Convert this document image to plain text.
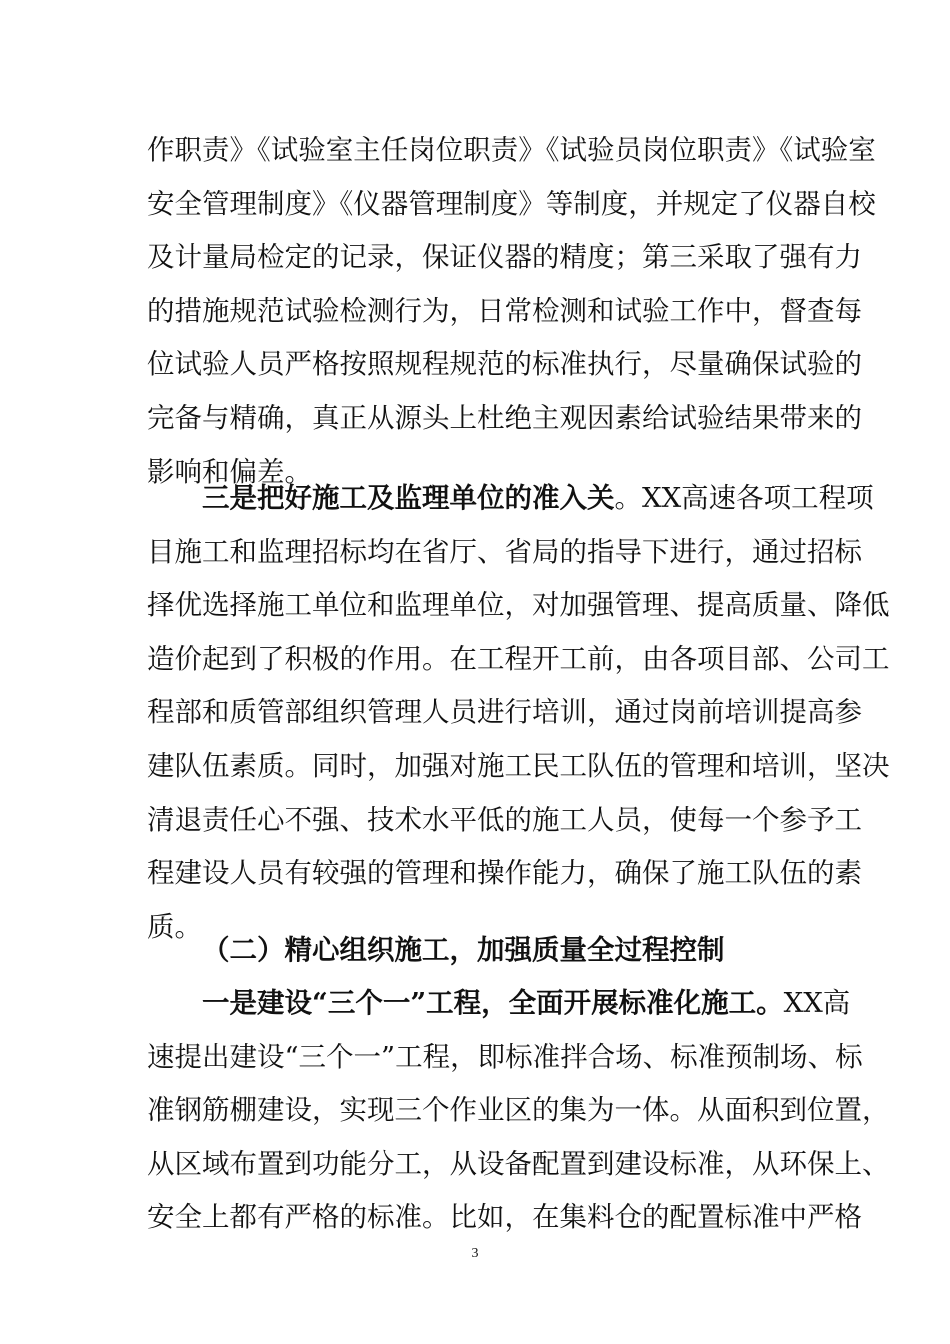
作职责》《试验室主任岗位职责》《试验员岗位职责》《试验室
安全管理制度》《仪器管理制度》等制度，并规定了仪器自校
及计量局检定的记录，保证仪器的精度；第三采取了强有力
的措施规范试验检测行为，日常检测和试验工作中，督查每
位试验人员严格按照规程规范的标准执行，尽量确保试验的
完备与精确，真正从源头上杜绝主观因素给试验结果带来的
影响和偏差。
三是把好施工及监理单位的准入关。XX高速各项工程项
目施工和监理招标均在省厅、省局的指导下进行，通过招标
择优选择施工单位和监理单位，对加强管理、提高质量、降低
造价起到了积极的作用。在工程开工前，由各项目部、公司工
程部和质管部组织管理人员进行培训，通过岗前培训提高参
建队伍素质。同时，加强对施工民工队伍的管理和培训，坚决
清退责任心不强、技术水平低的施工人员，使每一个参予工
程建设人员有较强的管理和操作能力，确保了施工队伍的素
质。
（二）精心组织施工，加强质量全过程控制
一是建设“三个一”工程，全面开展标准化施工。XX高
速提出建设“三个一”工程，即标准拌合场、标准预制场、标
准钢筋棚建设，实现三个作业区的集为一体。从面积到位置，
从区域布置到功能分工，从设备配置到建设标准，从环保上、
安全上都有严格的标准。比如，在集料仓的配置标准中严格
3
